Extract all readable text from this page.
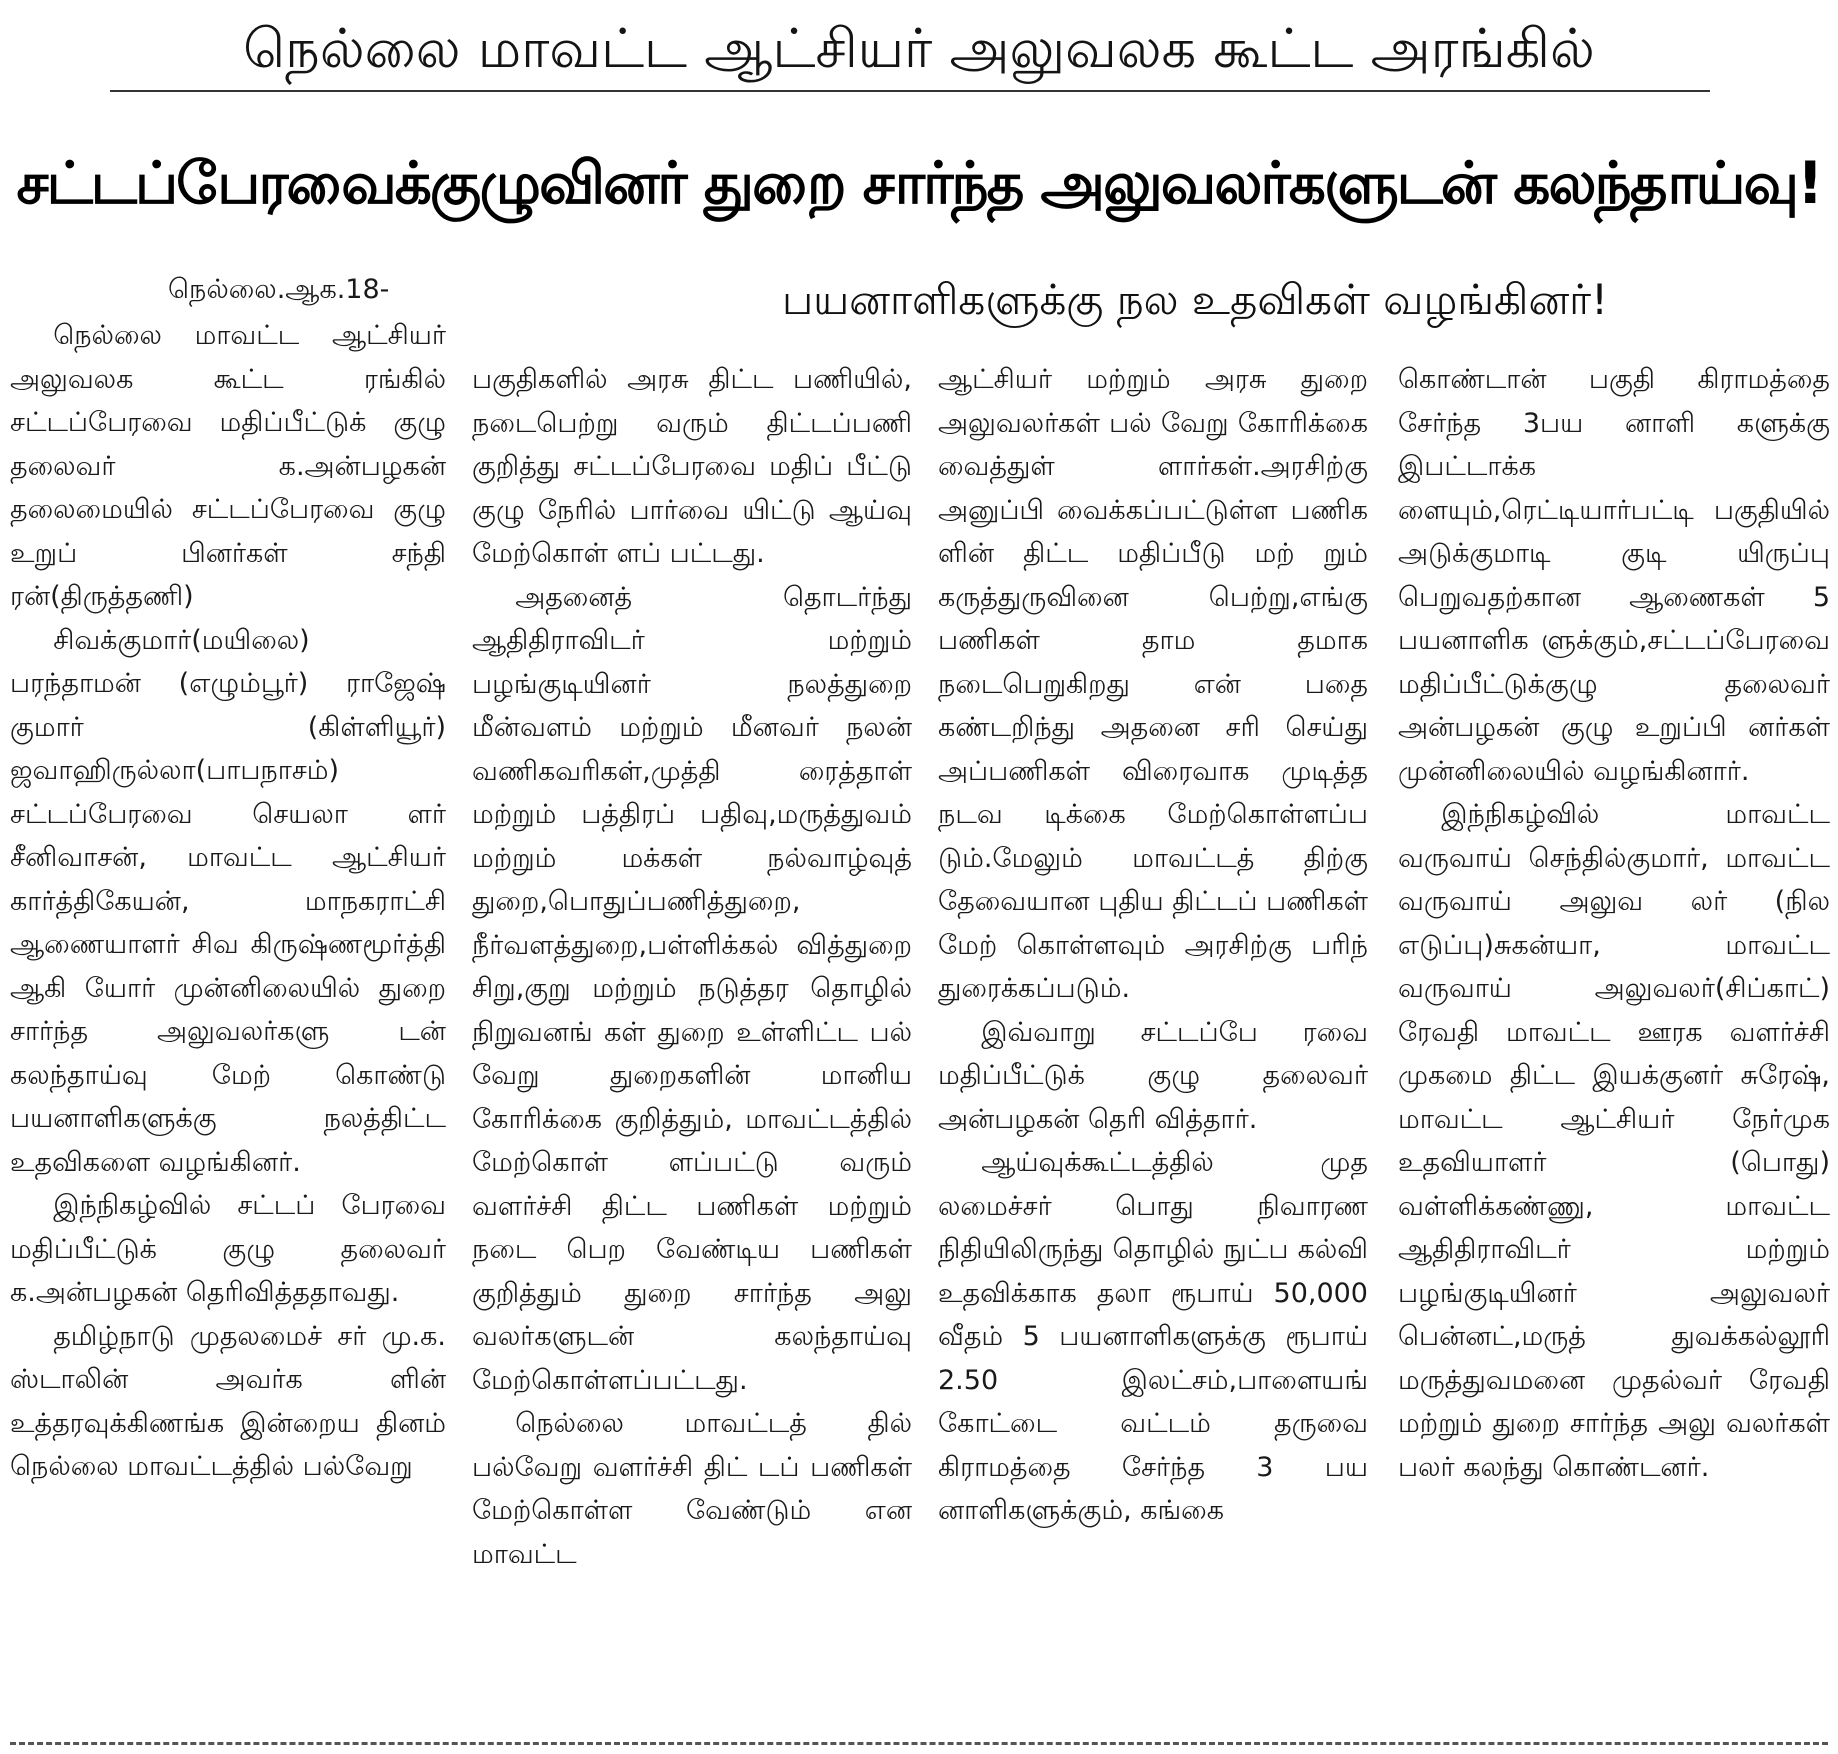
நெல்லை மாவட்ட ஆட்சியர் அலுவலக கூட்ட அரங்கில்
சட்டப்பேரவைக்குழுவினர் துறை சார்ந்த அலுவலர்களுடன் கலந்தாய்வு!
பயனாளிகளுக்கு நல உதவிகள் வழங்கினர்!
நெல்லை.ஆக.18-

நெல்லை மாவட்ட ஆட்சியர் அலுவலக கூட்ட ரங்கில் சட்டப்பேரவை மதிப்பீட்டுக் குழு தலைவர் க.அன்பழகன் தலைமையில் சட்டப்பேரவை குழு உறுப் பினர்கள் சந்தி ரன்(திருத்தணி)

சிவக்குமார்(மயிலை) பரந்தாமன் (எழும்பூர்) ராஜேஷ் குமார் (கிள்ளியூர்) ஜவாஹிருல்லா(பாபநாசம்) சட்டப்பேரவை செயலா ளர் சீனிவாசன், மாவட்ட ஆட்சியர் கார்த்திகேயன், மாநகராட்சி ஆணையாளர் சிவ கிருஷ்ணமூர்த்தி ஆகி யோர் முன்னிலையில் துறை சார்ந்த அலுவலர்களு டன் கலந்தாய்வு மேற் கொண்டு பயனாளிகளுக்கு நலத்திட்ட உதவிகளை வழங்கினர்.

இந்நிகழ்வில் சட்டப் பேரவை மதிப்பீட்டுக் குழு தலைவர் க.அன்பழகன் தெரிவித்ததாவது.

தமிழ்நாடு முதலமைச் சர் மு.க. ஸ்டாலின் அவர்க ளின் உத்தரவுக்கிணங்க இன்றைய தினம் நெல்லை மாவட்டத்தில் பல்வேறு

பகுதிகளில் அரசு திட்ட பணியில், நடைபெற்று வரும் திட்டப்பணி குறித்து சட்டப்பேரவை மதிப் பீட்டு குழு நேரில் பார்வை யிட்டு ஆய்வு மேற்கொள் ளப் பட்டது.

அதனைத் தொடர்ந்து ஆதிதிராவிடர் மற்றும் பழங்குடியினர் நலத்துறை மீன்வளம் மற்றும் மீனவர் நலன் வணிகவரிகள்,முத்தி ரைத்தாள் மற்றும் பத்திரப் பதிவு,மருத்துவம் மற்றும் மக்கள் நல்வாழ்வுத் துறை,பொதுப்பணித்துறை, நீர்வளத்துறை,பள்ளிக்கல் வித்துறை சிறு,குறு மற்றும் நடுத்தர தொழில் நிறுவனங் கள் துறை உள்ளிட்ட பல் வேறு துறைகளின் மானிய கோரிக்கை குறித்தும், மாவட்டத்தில் மேற்கொள் ளப்பட்டு வரும் வளர்ச்சி திட்ட பணிகள் மற்றும் நடை பெற வேண்டிய பணிகள் குறித்தும் துறை சார்ந்த அலு வலர்களுடன் கலந்தாய்வு மேற்கொள்ளப்பட்டது.

நெல்லை மாவட்டத் தில் பல்வேறு வளர்ச்சி திட் டப் பணிகள் மேற்கொள்ள வேண்டும் என மாவட்ட

ஆட்சியர் மற்றும் அரசு துறை அலுவலர்கள் பல் வேறு கோரிக்கை வைத்துள் ளார்கள்.அரசிற்கு அனுப்பி வைக்கப்பட்டுள்ள பணிக ளின் திட்ட மதிப்பீடு மற் றும் கருத்துருவினை பெற்று,எங்கு பணிகள் தாம தமாக நடைபெறுகிறது என் பதை கண்டறிந்து அதனை சரி செய்து அப்பணிகள் விரைவாக முடித்த நடவ டிக்கை மேற்கொள்ளப்ப டும்.மேலும் மாவட்டத் திற்கு தேவையான புதிய திட்டப் பணிகள் மேற் கொள்ளவும் அரசிற்கு பரிந் துரைக்கப்படும்.

இவ்வாறு சட்டப்பே ரவை மதிப்பீட்டுக் குழு தலைவர் அன்பழகன் தெரி வித்தார்.

ஆய்வுக்கூட்டத்தில் முத லமைச்சர் பொது நிவாரண நிதியிலிருந்து தொழில் நுட்ப கல்வி உதவிக்காக தலா ரூபாய் 50,000 வீதம் 5 பயனாளிகளுக்கு ரூபாய் 2.50 இலட்சம்,பாளையங் கோட்டை வட்டம் தருவை கிராமத்தை சேர்ந்த 3 பய னாளிகளுக்கும், கங்கை

கொண்டான் பகுதி கிராமத்தை சேர்ந்த 3பய னாளி களுக்கு இபட்டாக்க ளையும்,ரெட்டியார்பட்டி பகுதியில் அடுக்குமாடி குடி யிருப்பு பெறுவதற்கான ஆணைகள் 5 பயனாளிக ளுக்கும்,சட்டப்பேரவை மதிப்பீட்டுக்குழு தலைவர் அன்பழகன் குழு உறுப்பி னர்கள் முன்னிலையில் வழங்கினார்.

இந்நிகழ்வில் மாவட்ட வருவாய் செந்தில்குமார், மாவட்ட வருவாய் அலுவ லர் (நில எடுப்பு)சுகன்யா, மாவட்ட வருவாய் அலுவலர்(சிப்காட்) ரேவதி மாவட்ட ஊரக வளர்ச்சி முகமை திட்ட இயக்குனர் சுரேஷ், மாவட்ட ஆட்சியர் நேர்முக உதவியாளர் (பொது) வள்ளிக்கண்ணு, மாவட்ட ஆதிதிராவிடர் மற்றும் பழங்குடியினர் அலுவலர் பென்னட்,மருத் துவக்கல்லூரி மருத்துவமனை முதல்வர் ரேவதி மற்றும் துறை சார்ந்த அலு வலர்கள் பலர் கலந்து கொண்டனர்.
